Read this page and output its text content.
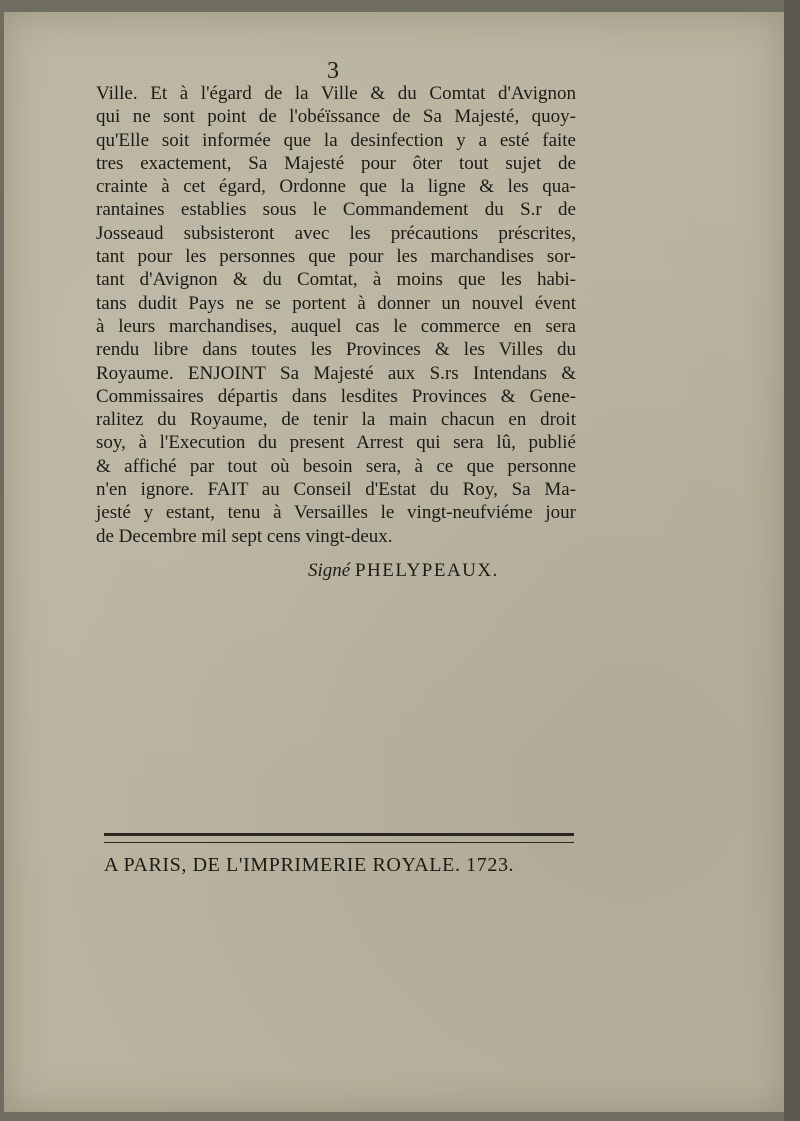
3
Ville. Et à l'égard de la Ville & du Comtat d'Avignon
qui ne sont point de l'obéïssance de Sa Majesté, quoy-
qu'Elle soit informée que la desinfection y a esté faite
tres exactement, Sa Majesté pour ôter tout sujet de
crainte à cet égard, Ordonne que la ligne & les qua-
rantaines establies sous le Commandement du S.r de
Jossеaud subsisteront avec les précautions préscrites,
tant pour les personnes que pour les marchandises sor-
tant d'Avignon & du Comtat, à moins que les habi-
tans dudit Pays ne se portent à donner un nouvel évent
à leurs marchandises, auquel cas le commerce en sera
rendu libre dans toutes les Provinces & les Villes du
Royaume. ENJOINT Sa Majesté aux S.rs Intendans &
Commissaires départis dans lesdites Provinces & Gene-
ralitez du Royaume, de tenir la main chacun en droit
soy, à l'Execution du present Arrest qui sera lû, publié
& affiché par tout où besoin sera, à ce que personne
n'en ignore. FAIT au Conseil d'Estat du Roy, Sa Ma-
jesté y estant, tenu à Versailles le vingt-neufviéme jour
de Decembre mil sept cens vingt-deux.
Signé PHELYPEAUX.
A PARIS, DE L'IMPRIMERIE ROYALE. 1723.
